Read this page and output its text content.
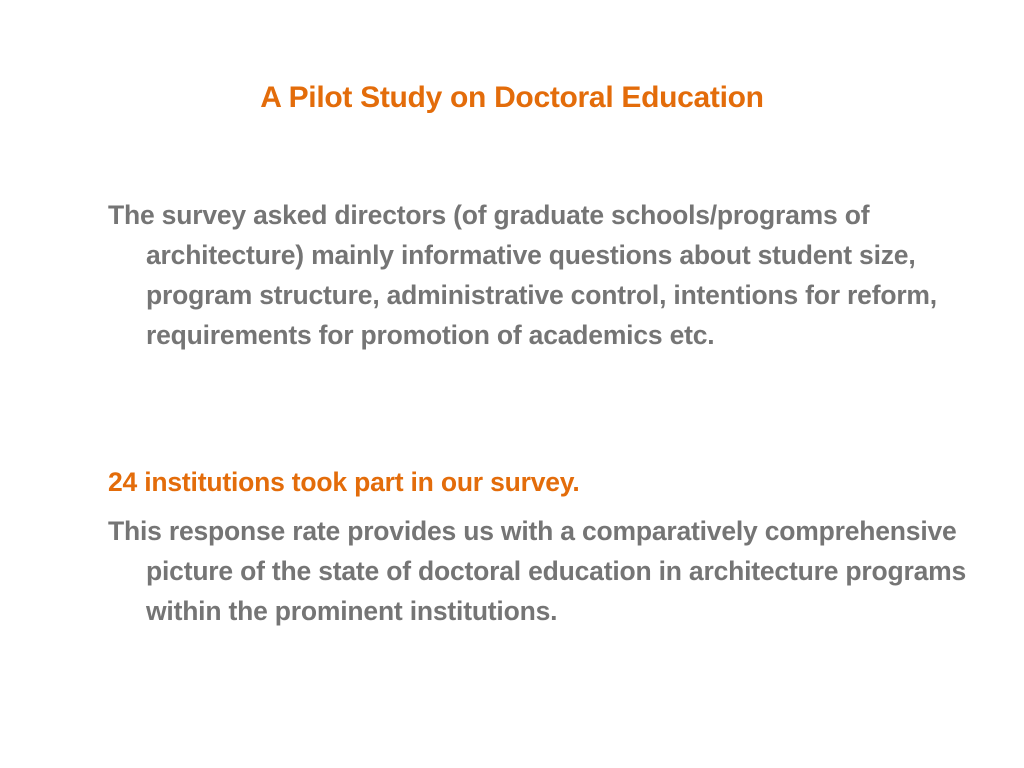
A Pilot Study on Doctoral Education
The survey asked directors (of graduate schools/programs of architecture) mainly informative questions about student size, program structure, administrative control, intentions for reform, requirements for promotion of academics etc.
24 institutions took part in our survey.
This response rate provides us with a comparatively comprehensive picture of the state of doctoral education in architecture programs within the prominent institutions.
